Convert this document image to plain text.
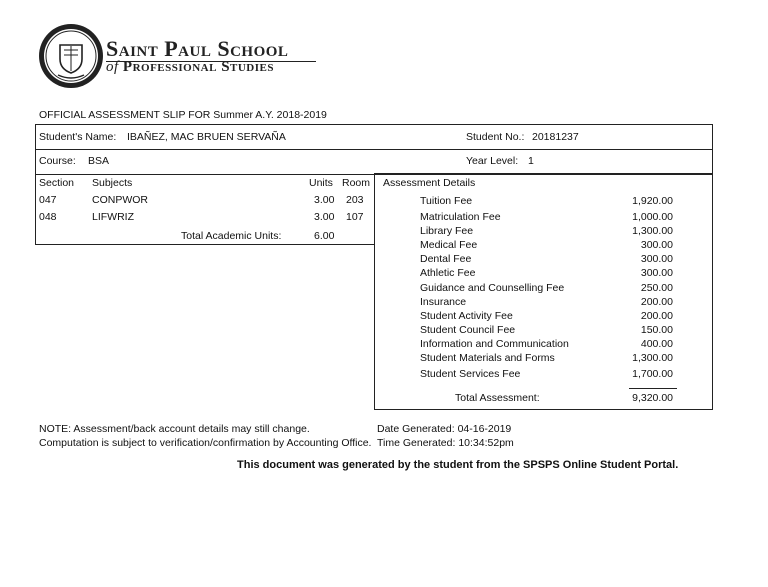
Saint Paul School
of Professional Studies
OFFICIAL ASSESSMENT SLIP FOR Summer A.Y. 2018-2019
Student's Name: IBAÑEZ, MAC BRUEN SERVAÑA	Student No.: 20181237
Course: BSA	Year Level: 1
Section Subjects	Units Room
047	CONPWOR	3.00 203
048	LIFWRIZ	3.00 107
Total Academic Units:	6.00
Assessment Details
Tuition Fee	1,920.00
Matriculation Fee	1,000.00
Library Fee	1,300.00
Medical Fee	300.00
Dental Fee	300.00
Athletic Fee	300.00
Guidance and Counselling Fee	250.00
Insurance	200.00
Student Activity Fee	200.00
Student Council Fee	150.00
Information and Communication	400.00
Student Materials and Forms	1,300.00
Student Services Fee	1,700.00
Total Assessment:	9,320.00
NOTE: Assessment/back account details may still change.
Computation is subject to verification/confirmation by Accounting Office.
Date Generated: 04-16-2019
Time Generated: 10:34:52pm
This document was generated by the student from the SPSPS Online Student Portal.
